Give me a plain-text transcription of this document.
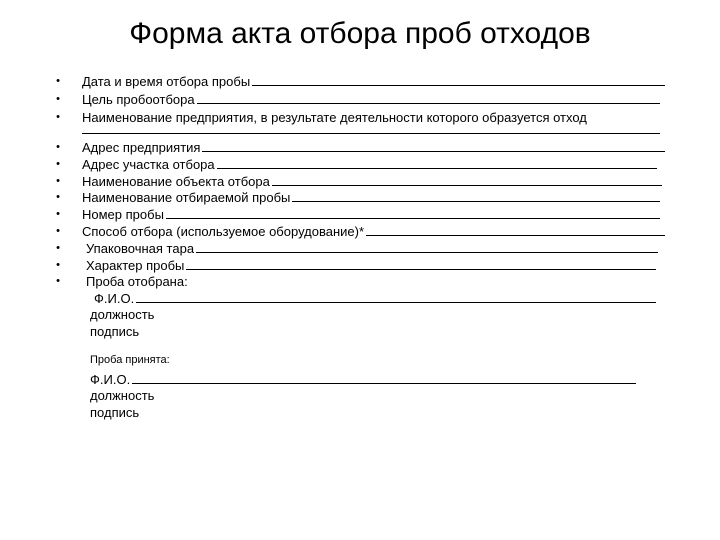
Форма акта отбора проб отходов
•
•
•
•
•
•
•
•
•
•
•
•
Дата и время отбора пробы
Цель пробоотбора
Наименование предприятия, в результате деятельности которого образуется отход
Адрес предприятия
Адрес участка отбора
Наименование объекта отбора
Наименование отбираемой пробы
Номер пробы
Способ отбора (используемое оборудование)*
Упаковочная тара
Характер пробы
Проба отобрана:
Ф.И.О.
должность
подпись
Проба принята:
Ф.И.О.
должность
подпись
